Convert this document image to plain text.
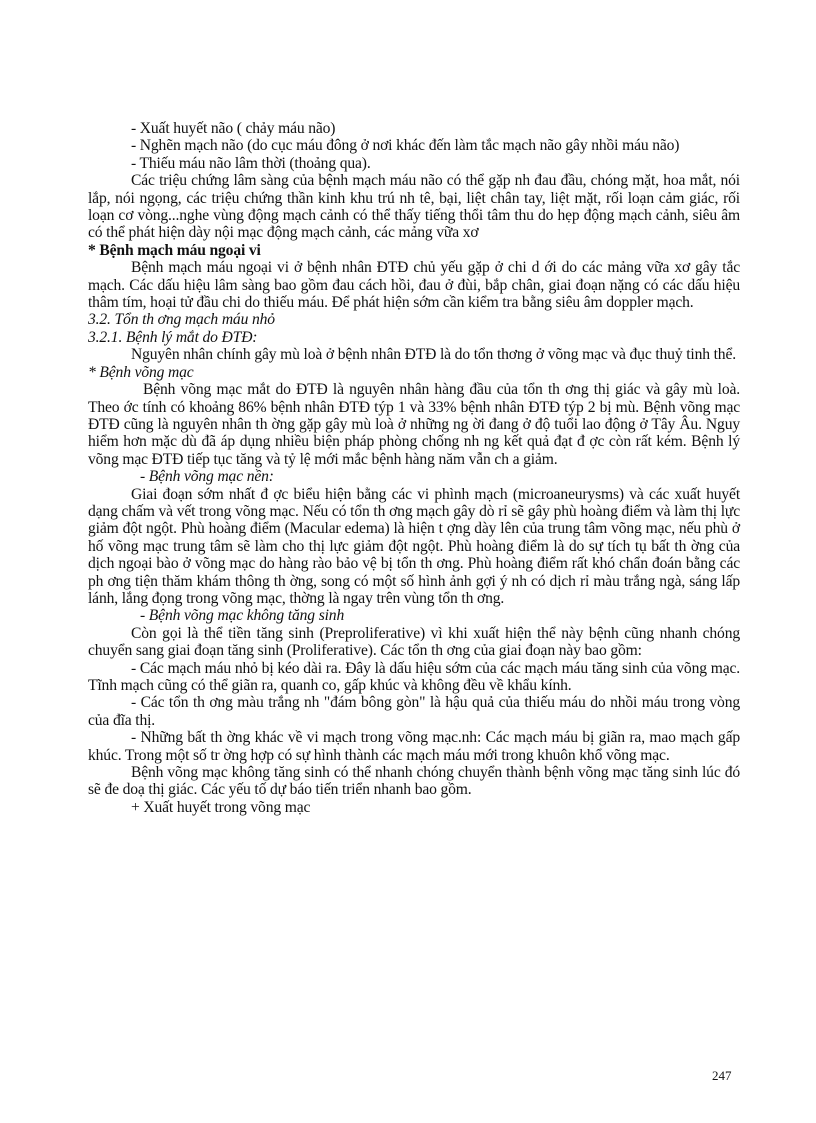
- Xuất huyết não ( chảy máu não)

- Nghẽn mạch não (do cục máu đông ở nơi khác đến làm tắc mạch não gây nhồi máu não)

- Thiếu máu não lâm thời (thoảng qua).

Các triệu chứng lâm sàng của bệnh mạch máu não có thể gặp nh đau đầu, chóng mặt, hoa mắt, nói lắp, nói ngọng, các triệu chứng thần kinh khu trú nh tê, bại, liệt chân tay, liệt mặt, rối loạn cảm giác, rối loạn cơ vòng...nghe vùng động mạch cảnh có thể thấy tiếng thổi tâm thu do hẹp động mạch cảnh, siêu âm có thể phát hiện dày nội mạc động mạch cảnh, các mảng vữa xơ

* Bệnh mạch máu ngoại vi

Bệnh mạch máu ngoại vi ở bệnh nhân ĐTĐ chủ yếu gặp ở chi d ới do các mảng vữa xơ gây tắc mạch. Các dấu hiệu lâm sàng bao gồm đau cách hồi, đau ở đùi, bắp chân, giai đoạn nặng có các dấu hiệu thâm tím, hoại tử đầu chi do thiếu máu. Để phát hiện sớm cần kiểm tra bằng siêu âm doppler mạch.

3.2. Tổn th ơng mạch máu nhỏ

3.2.1. Bệnh lý mắt do ĐTĐ:

Nguyên nhân chính gây mù loà ở bệnh nhân ĐTĐ là do tổn thơng ở võng mạc và đục thuỷ tinh thể.

* Bệnh võng mạc

Bệnh võng mạc mắt do ĐTĐ là nguyên nhân hàng đầu của tổn th ơng thị giác và gây mù loà. Theo ớc tính có khoảng 86% bệnh nhân ĐTĐ týp 1 và 33% bệnh nhân ĐTĐ týp 2 bị mù. Bệnh võng mạc ĐTĐ cũng là nguyên nhân th ờng gặp gây mù loà ở những ng ời đang ở độ tuổi lao động ở Tây Âu. Nguy hiểm hơn mặc dù đã áp dụng nhiều biện pháp phòng chống nh ng kết quả đạt đ ợc còn rất kém. Bệnh lý võng mạc ĐTĐ tiếp tục tăng và tỷ lệ mới mắc bệnh hàng năm vẫn ch a giảm.

- Bệnh võng mạc nền:

Giai đoạn sớm nhất đ ợc biểu hiện bằng các vi phình mạch (microaneurysms) và các xuất huyết dạng chấm và vết trong võng mạc. Nếu có tổn th ơng mạch gây dò rỉ sẽ gây phù hoàng điểm và làm thị lực giảm đột ngột. Phù hoàng điểm (Macular edema) là hiện t ợng dày lên của trung tâm võng mạc, nếu phù ở hố võng mạc trung tâm sẽ làm cho thị lực giảm đột ngột. Phù hoàng điểm là do sự tích tụ bất th ờng của dịch ngoại bào ở võng mạc do hàng rào bảo vệ bị tổn th ơng. Phù hoàng điểm rất khó chẩn đoán bằng các ph ơng tiện thăm khám thông th ờng, song có một số hình ảnh gợi ý nh có dịch rỉ màu trắng ngà, sáng lấp lánh, lắng đọng trong võng mạc, thờng là ngay trên vùng tổn th ơng.

- Bệnh võng mạc không tăng sinh

Còn gọi là thể tiền tăng sinh (Preproliferative) vì khi xuất hiện thể này bệnh cũng nhanh chóng chuyển sang giai đoạn tăng sinh (Proliferative). Các tổn th ơng của giai đoạn này bao gồm:

- Các mạch máu nhỏ bị kéo dài ra. Đây là dấu hiệu sớm của các mạch máu tăng sinh của võng mạc. Tĩnh mạch cũng có thể giãn ra, quanh co, gấp khúc và không đều về khẩu kính.

- Các tổn th ơng màu trắng nh "đám bông gòn" là hậu quả của thiếu máu do nhồi máu trong vòng của đĩa thị.

- Những bất th ờng khác về vi mạch trong võng mạc.nh: Các mạch máu bị giãn ra, mao mạch gấp khúc. Trong một số tr ờng hợp có sự hình thành các mạch máu mới trong khuôn khổ võng mạc.

Bệnh võng mạc không tăng sinh có thể nhanh chóng chuyển thành bệnh võng mạc tăng sinh lúc đó sẽ đe doạ thị giác. Các yếu tố dự báo tiến triển nhanh bao gồm.

+ Xuất huyết trong võng mạc

247
